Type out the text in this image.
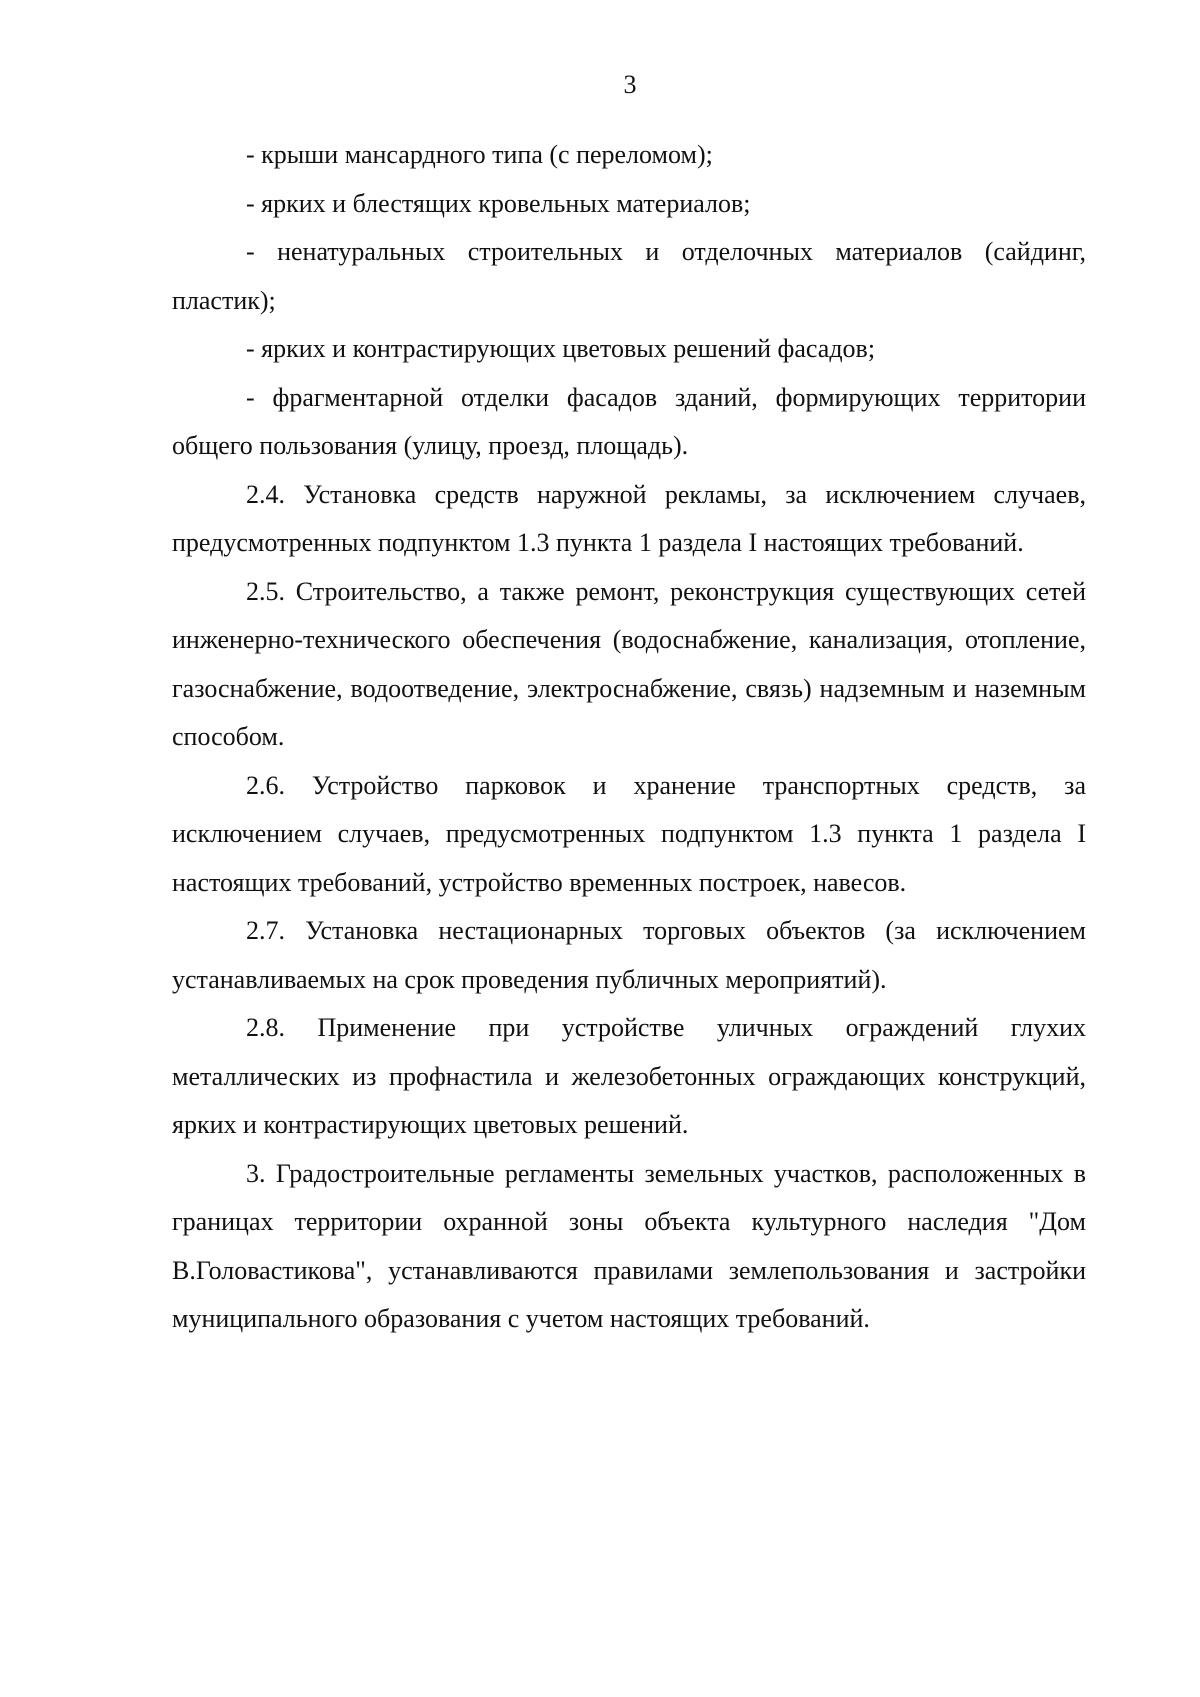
3

- крыши мансардного типа (с переломом);

- ярких и блестящих кровельных материалов;

- ненатуральных строительных и отделочных материалов (сайдинг, пластик);

- ярких и контрастирующих цветовых решений фасадов;

- фрагментарной отделки фасадов зданий, формирующих территории общего пользования (улицу, проезд, площадь).

2.4. Установка средств наружной рекламы, за исключением случаев, предусмотренных подпунктом 1.3 пункта 1 раздела I настоящих требований.

2.5. Строительство, а также ремонт, реконструкция существующих сетей инженерно-технического обеспечения (водоснабжение, канализация, отопление, газоснабжение, водоотведение, электроснабжение, связь) надземным и наземным способом.

2.6. Устройство парковок и хранение транспортных средств, за исключением случаев, предусмотренных подпунктом 1.3 пункта 1 раздела I настоящих требований, устройство временных построек, навесов.

2.7. Установка нестационарных торговых объектов (за исключением устанавливаемых на срок проведения публичных мероприятий).

2.8. Применение при устройстве уличных ограждений глухих металлических из профнастила и железобетонных ограждающих конструкций, ярких и контрастирующих цветовых решений.

3. Градостроительные регламенты земельных участков, расположенных в границах территории охранной зоны объекта культурного наследия "Дом В.Головастикова", устанавливаются правилами землепользования и застройки муниципального образования с учетом настоящих требований.
